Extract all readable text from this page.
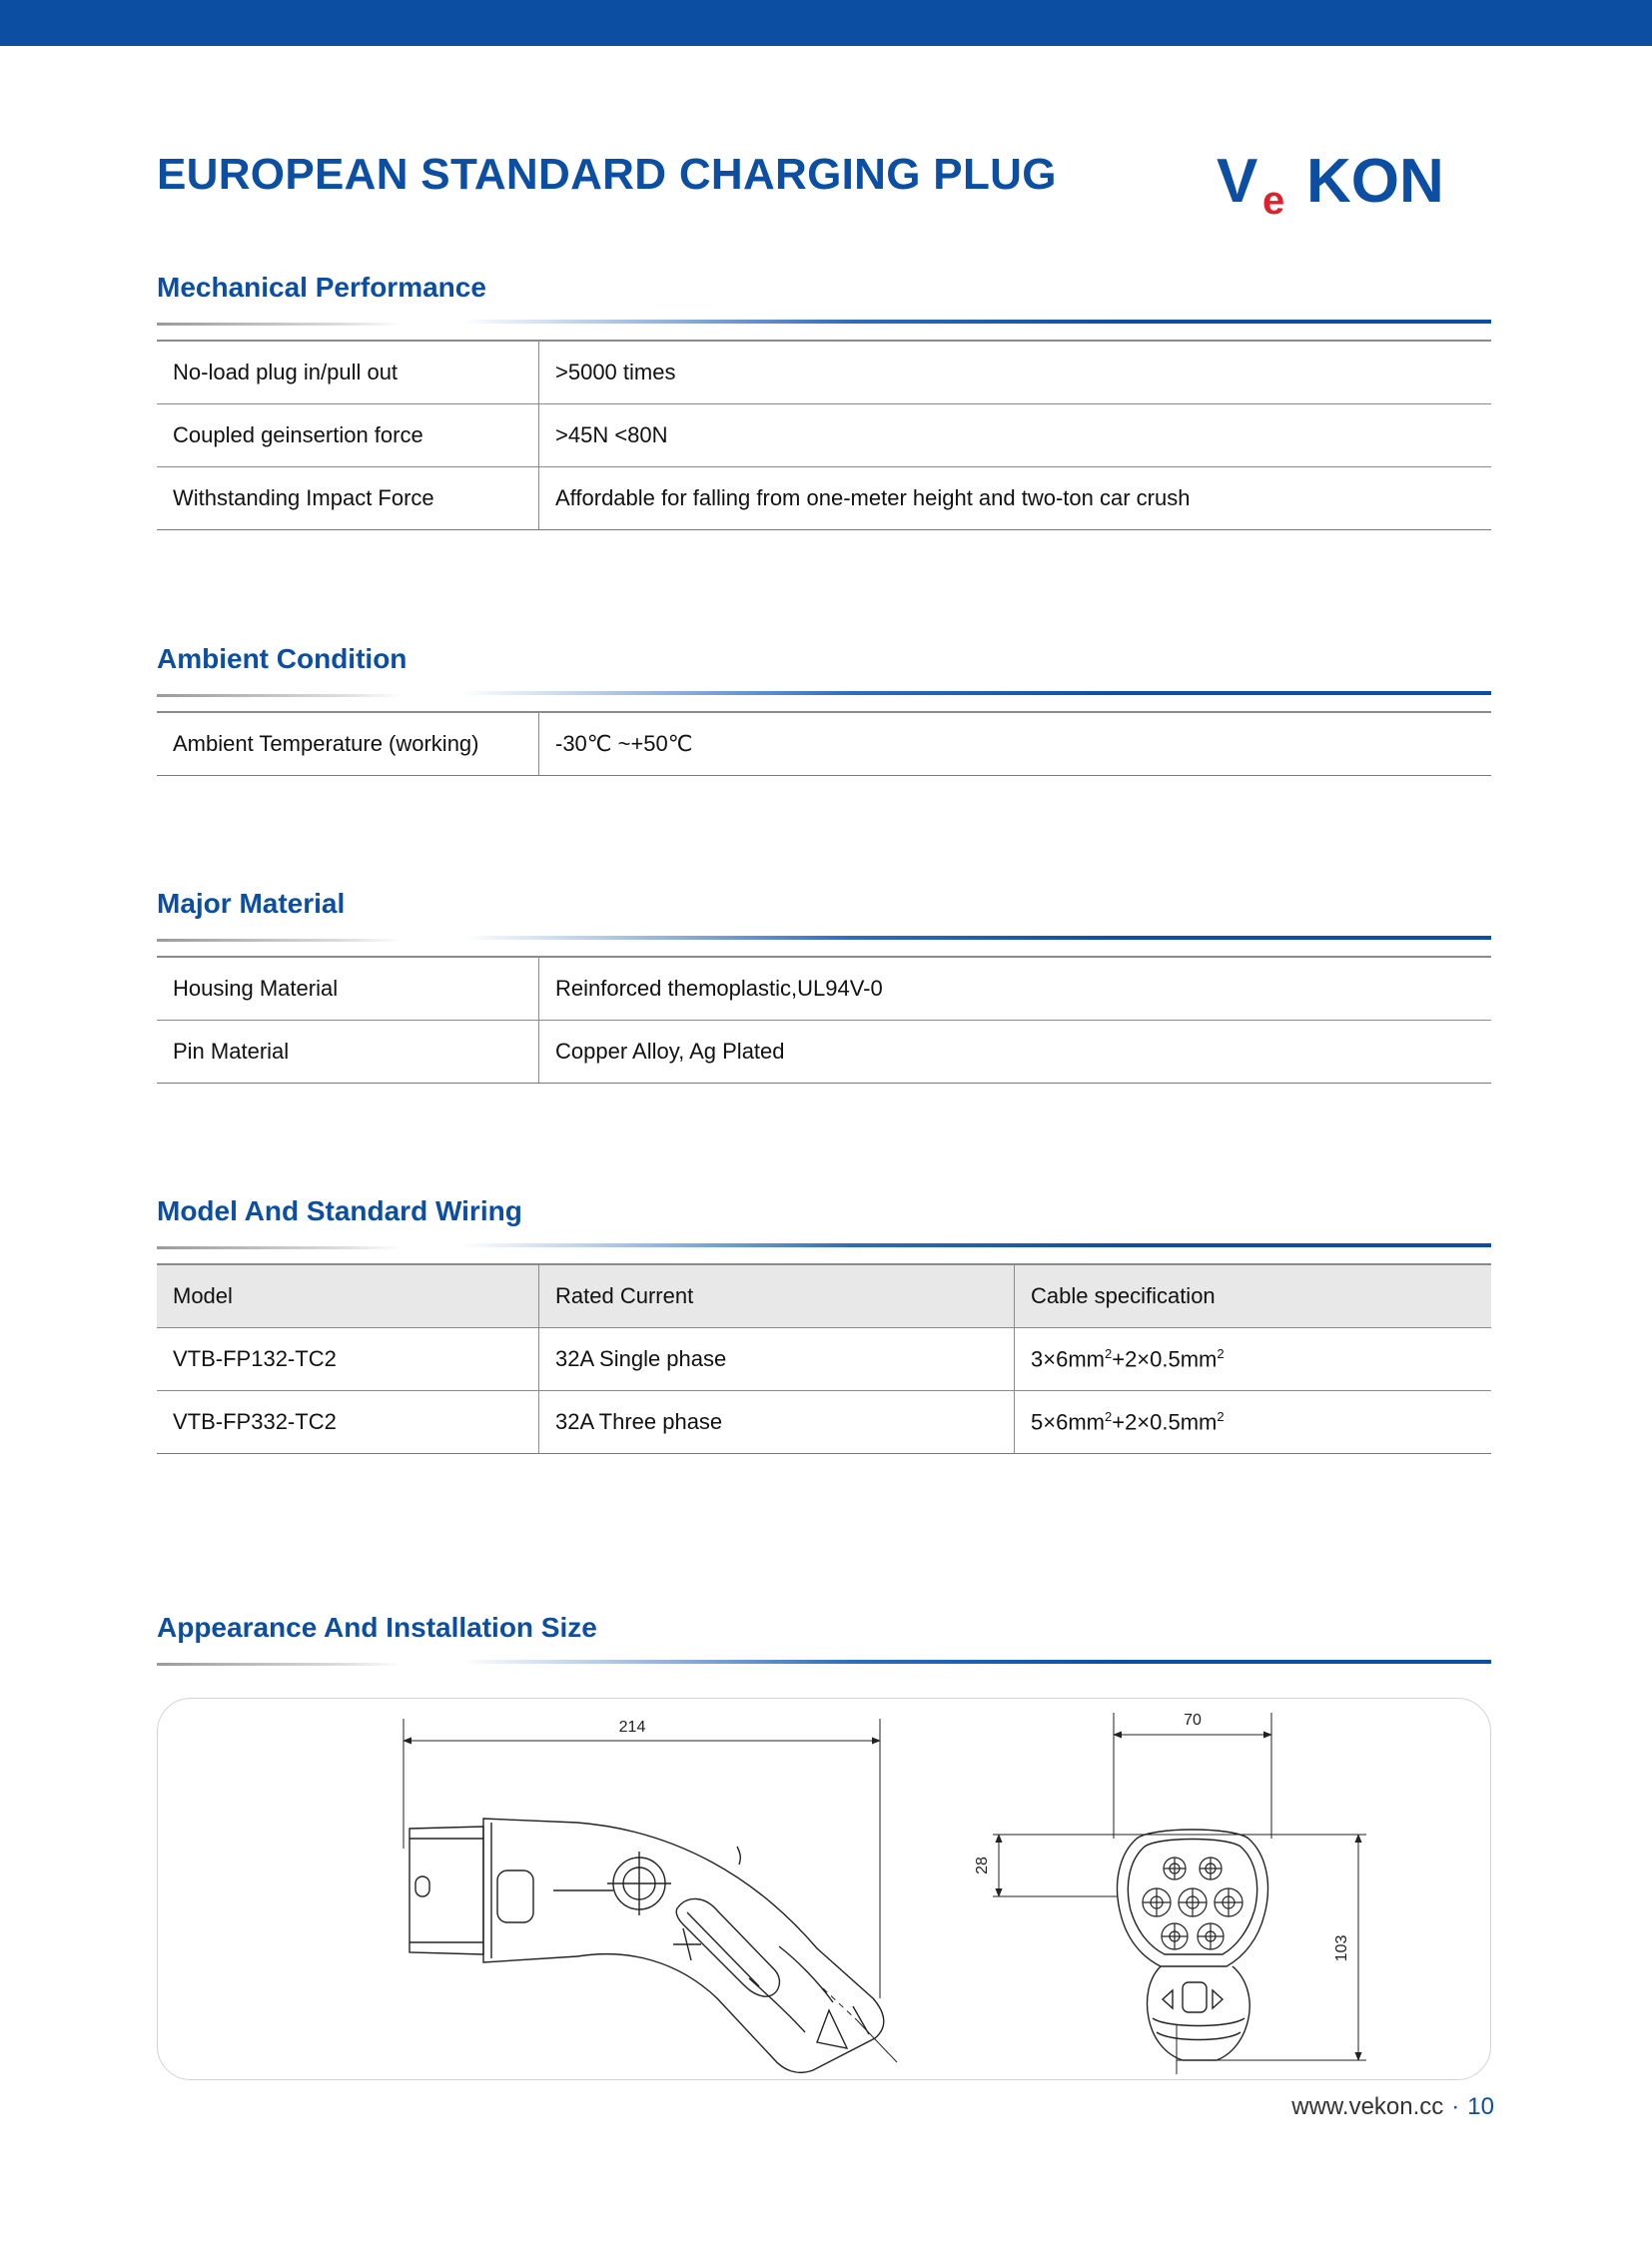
EUROPEAN STANDARD CHARGING PLUG	V e KON
Mechanical Performance
No-load plug in/pull out	>5000 times
Coupled geinsertion force	>45N <80N
Withstanding Impact Force	Affordable for falling from one-meter height and two-ton car crush
Ambient Condition
Ambient Temperature (working)	-30℃ ~+50℃
Major Material
Housing Material	Reinforced themoplastic,UL94V-0
Pin Material	Copper Alloy, Ag Plated
Model And Standard Wiring
Model	Rated Current	Cable specification
VTB-FP132-TC2	32A Single phase	$3\times 6mm^2+2\times 0.5mm^2$
VTB-FP332-TC2	32A Three phase	$5\times 6mm^2+2\times 0.5mm^2$
Appearance And Installation Size
214	70
28
103
www.vekon.cc · 10
